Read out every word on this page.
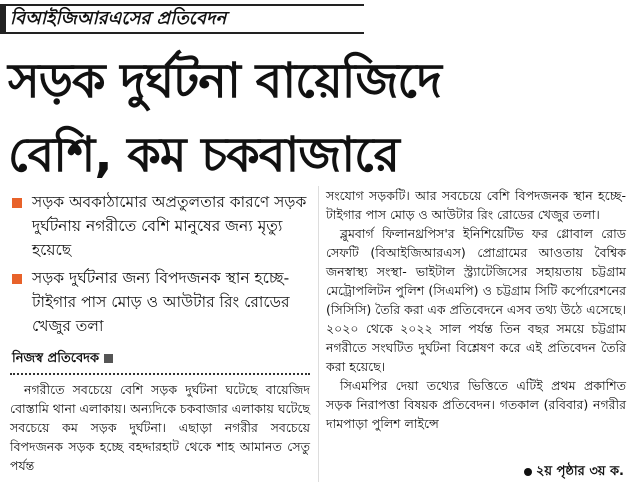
বিআইজিআরএসের প্রতিবেদন
সড়ক দুর্ঘটনা বায়েজিদে
বেশি, কম চকবাজারে
সড়ক অবকাঠামোর অপ্রতুলতার কারণে সড়ক দুর্ঘটনায় নগরীতে বেশি মানুষের জন্য মৃত্যু হয়েছে
সড়ক দুর্ঘটনার জন্য বিপদজনক স্থান হচ্ছে- টাইগার পাস মোড় ও আউটার রিং রোডের খেজুর তলা
নিজস্ব প্রতিবেদক

নগরীতে সবচেয়ে বেশি সড়ক দুর্ঘটনা ঘটেছে বায়েজিদ বোস্তামি থানা এলাকায়। অন্যদিকে চকবাজার এলাকায় ঘটেছে সবচেয়ে কম সড়ক দুর্ঘটনা। এছাড়া নগরীর সবচেয়ে বিপদজনক সড়ক হচ্ছে বহদ্দারহাট থেকে শাহ আমানত সেতু পর্যন্ত

সংযোগ সড়কটি। আর সবচেয়ে বেশি বিপদজনক স্থান হচ্ছে- টাইগার পাস মোড় ও আউটার রিং রোডের খেজুর তলা।

ব্লুমবার্গ ফিলানথ্রপিস'র ইনিশিয়েটিভ ফর গ্লোবাল রোড সেফটি (বিআইজিআরএস) প্রোগ্রামের আওতায় বৈশ্বিক জনস্বাস্থ্য সংস্থা- ভাইটাল স্ট্র্যাটেজিসের সহায়তায় চট্টগ্রাম মেট্রোপলিটন পুলিশ (সিএমপি) ও চট্টগ্রাম সিটি কর্পোরেশনের (সিসিসি) তৈরি করা এক প্রতিবেদনে এসব তথ্য উঠে এসেছে। ২০২০ থেকে ২০২২ সাল পর্যন্ত তিন বছর সময়ে চট্টগ্রাম নগরীতে সংঘটিত দুর্ঘটনা বিশ্লেষণ করে এই প্রতিবেদন তৈরি করা হয়েছে।

সিএমপির দেয়া তথ্যের ভিত্তিতে এটিই প্রথম প্রকাশিত সড়ক নিরাপত্তা বিষয়ক প্রতিবেদন। গতকাল (রবিবার) নগরীর দামপাড়া পুলিশ লাইন্সে

২য় পৃষ্ঠার ৩য় ক.
